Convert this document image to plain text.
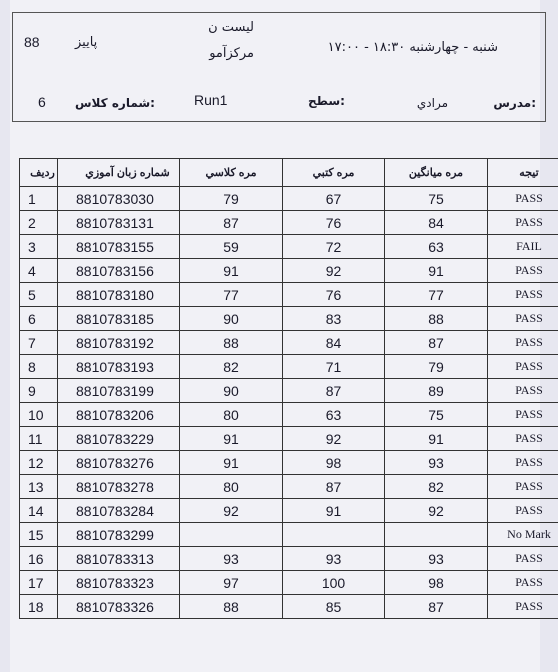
لیست ن
مرکزآمو
88	پاییز	شنبه - چهارشنبه ۱۸:۳۰ - ۱۷:۰۰
مدرس:
مرادي
سطح:
Run1
شماره کلاس:
6
رديف	شماره زبان آموزي	مره كلاسي	مره كتبي	مره ميانگين	تيجه
1	8810783030	79	67	75	PASS
2	8810783131	87	76	84	PASS
3	8810783155	59	72	63	FAIL
4	8810783156	91	92	91	PASS
5	8810783180	77	76	77	PASS
6	8810783185	90	83	88	PASS
7	8810783192	88	84	87	PASS
8	8810783193	82	71	79	PASS
9	8810783199	90	87	89	PASS
10	8810783206	80	63	75	PASS
11	8810783229	91	92	91	PASS
12	8810783276	91	98	93	PASS
13	8810783278	80	87	82	PASS
14	8810783284	92	91	92	PASS
15	8810783299				No Mark
16	8810783313	93	93	93	PASS
17	8810783323	97	100	98	PASS
18	8810783326	88	85	87	PASS
